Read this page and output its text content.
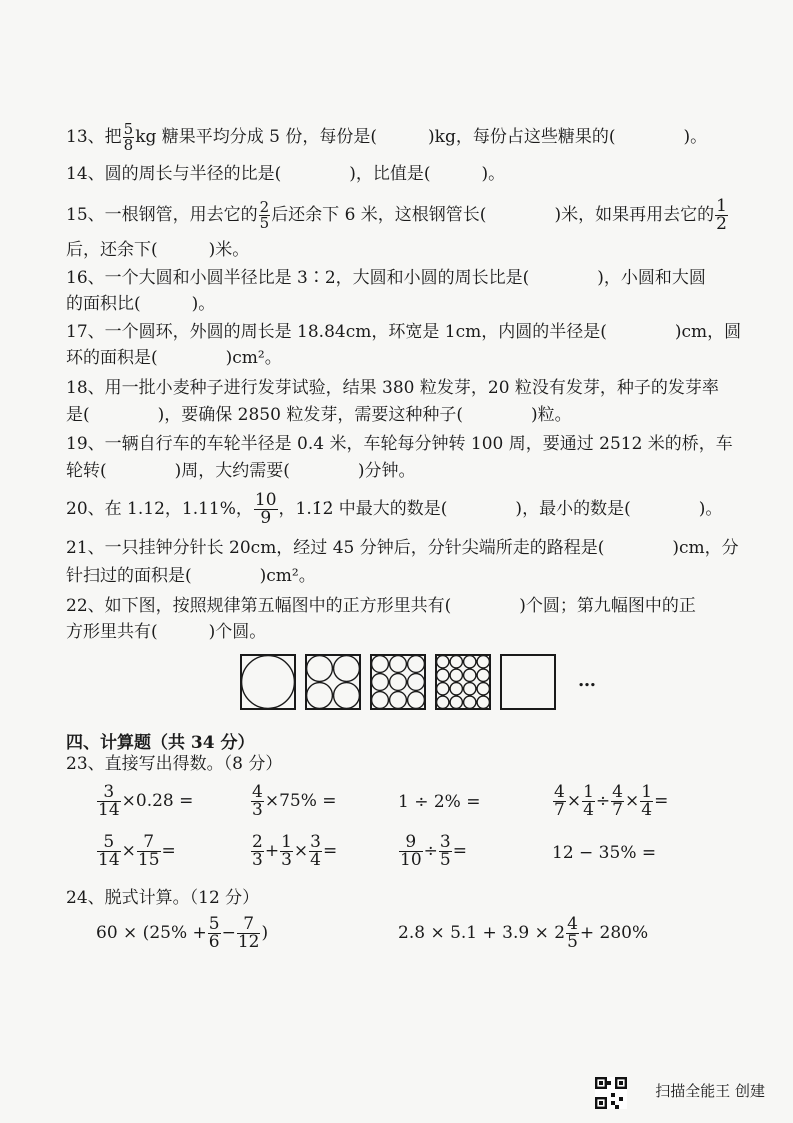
13、把 $\frac{5}{8}$ kg 糖果平均分成 5 份，每份是(　　　)kg，每份占这些糖果的(　　　　)。
14、圆的周长与半径的比是(　　　　)，比值是(　　　)。
15、一根钢管，用去它的 $\frac{2}{5}$ 后还余下 6 米，这根钢管长(　　　　)米，如果再用去它的 $\frac{1}{2}$
后，还余下(　　　)米。
16、一个大圆和小圆半径比是 3∶2，大圆和小圆的周长比是(　　　　)，小圆和大圆
的面积比(　　　)。
17、一个圆环，外圆的周长是 18.84cm，环宽是 1cm，内圆的半径是(　　　　)cm，圆
环的面积是(　　　　)cm²。
18、用一批小麦种子进行发芽试验，结果 380 粒发芽，20 粒没有发芽，种子的发芽率
是(　　　　)，要确保 2850 粒发芽，需要这种种子(　　　　)粒。
19、一辆自行车的车轮半径是 0.4 米，车轮每分钟转 100 周，要通过 2512 米的桥，车
轮转(　　　　)周，大约需要(　　　　)分钟。
20、在 1.12，1.11%， $\frac{10}{9}$ ，1.1̇2̇ 中最大的数是(　　　　)，最小的数是(　　　　)。
21、一只挂钟分针长 20cm，经过 45 分钟后，分针尖端所走的路程是(　　　　)cm，分
针扫过的面积是(　　　　)cm²。
22、如下图，按照规律第五幅图中的正方形里共有(　　　　)个圆；第九幅图中的正
方形里共有(　　　)个圆。
…
四、计算题（共 34 分）
23、直接写出得数。（8 分）
$\frac{3}{14} \times 0.28$ =	$\frac{4}{3} \times 75\%$ =	1 ÷ 2% =	$\frac{4}{7} \times \frac{1}{4} \div \frac{4}{7} \times \frac{1}{4}$ =
$\frac{5}{14} \times \frac{7}{15}$ =	$\frac{2}{3} + \frac{1}{3} \times \frac{3}{4}$ =	$\frac{9}{10} \div \frac{3}{5}$ =	12 − 35% =
24、脱式计算。（12 分）
$60 \times (25\% + \frac{5}{6} - \frac{7}{12}$ )	$2.8 \times 5.1 + 3.9 \times 2 \frac{4}{5} + 280\%$
扫描全能王 创建
